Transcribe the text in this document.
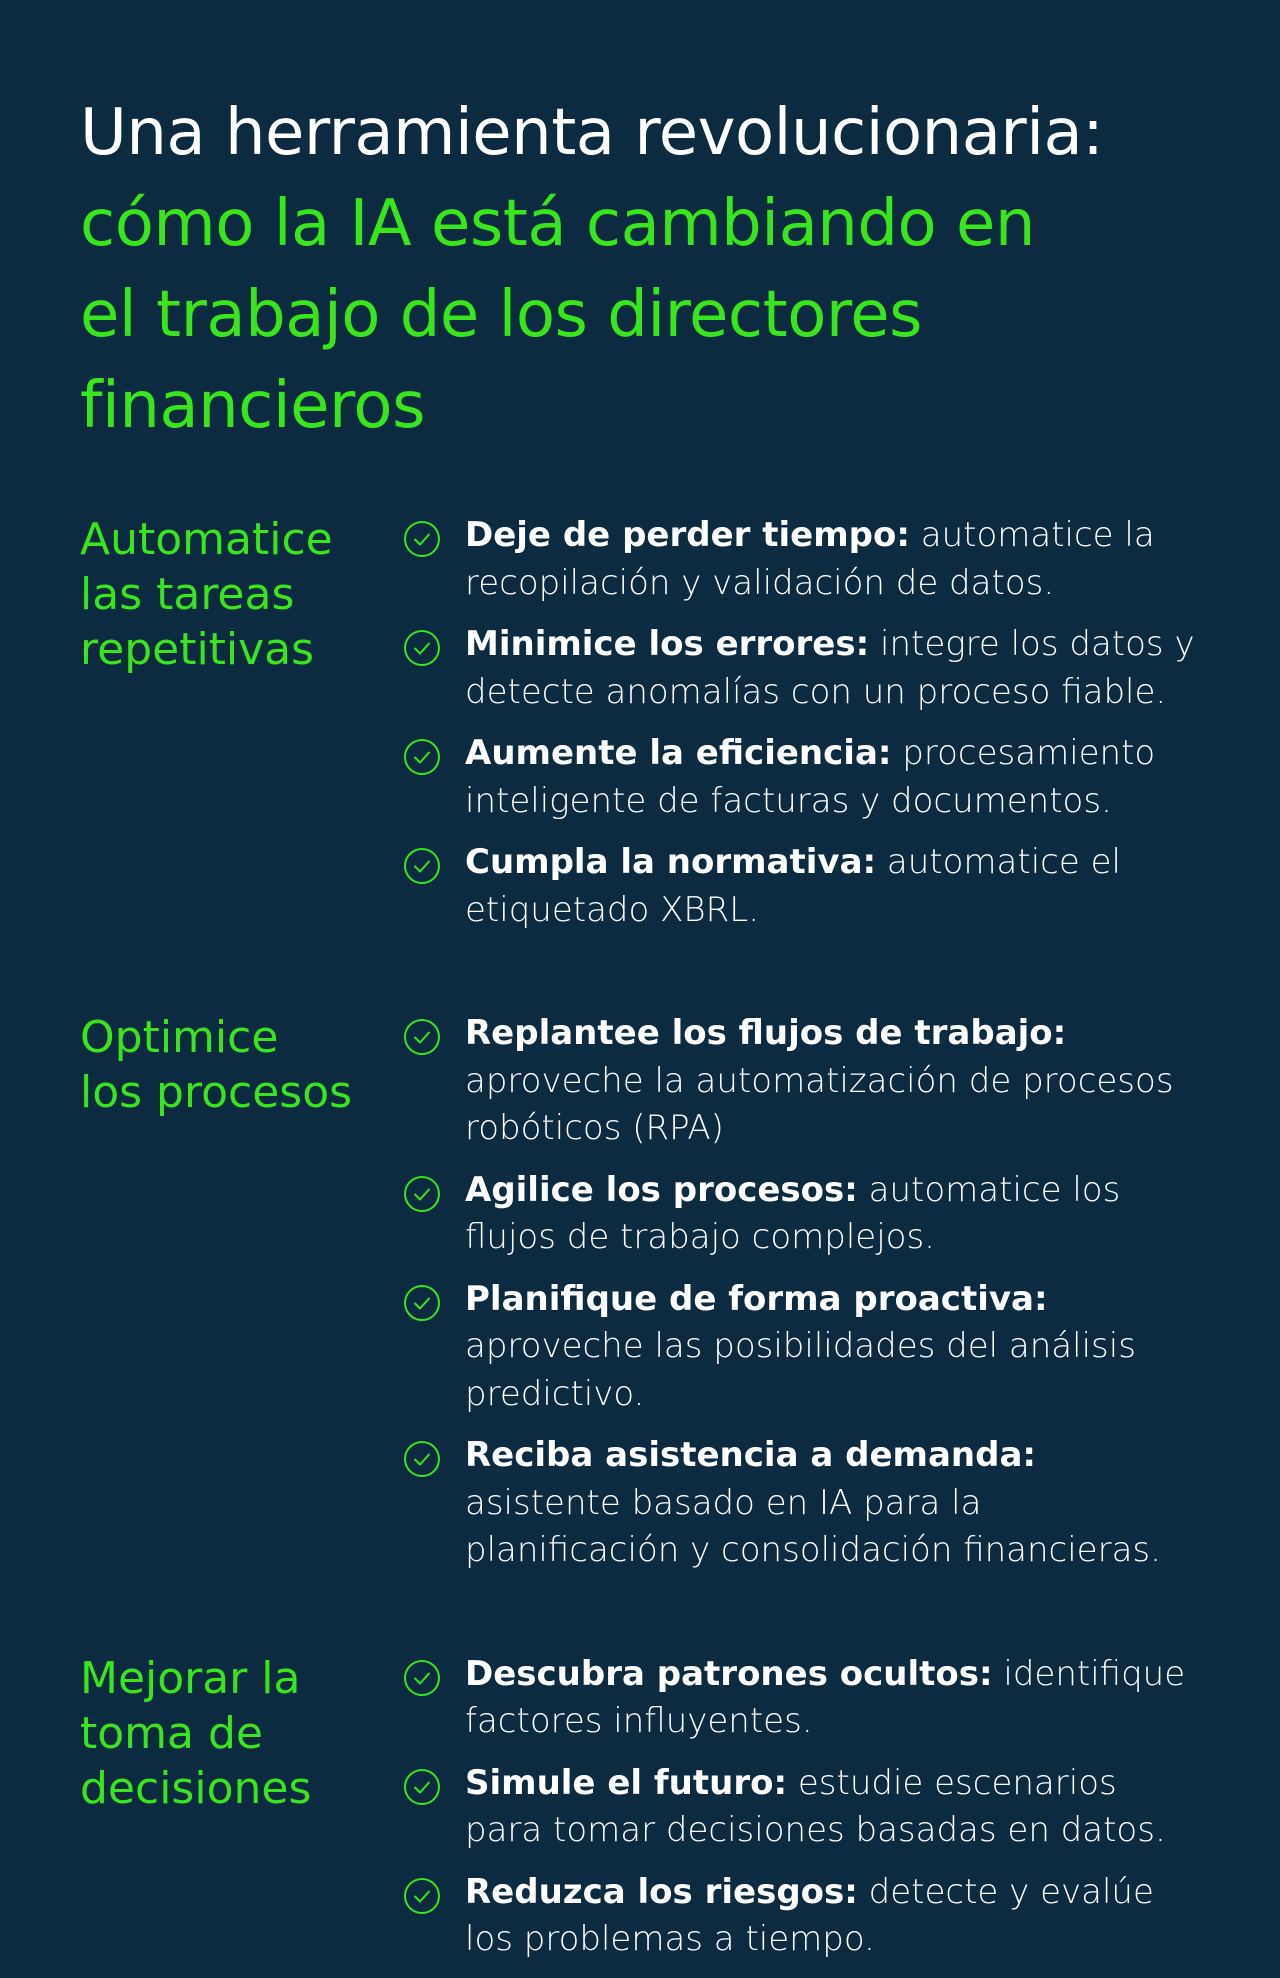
Una herramienta revolucionaria:
cómo la IA está cambiando en el trabajo de los directores financieros
Automatice
las tareas
repetitivas
Deje de perder tiempo: automatice la recopilación y validación de datos.
Minimice los errores: integre los datos y detecte anomalías con un proceso fiable.
Aumente la eficiencia: procesamiento inteligente de facturas y documentos.
Cumpla la normativa: automatice el etiquetado XBRL.
Optimice
los procesos
Replantee los flujos de trabajo: aproveche la automatización de procesos robóticos (RPA)
Agilice los procesos: automatice los flujos de trabajo complejos.
Planifique de forma proactiva: aproveche las posibilidades del análisis predictivo.
Reciba asistencia a demanda: asistente basado en IA para la planificación y consolidación financieras.
Mejorar la
toma de
decisiones
Descubra patrones ocultos: identifique factores influyentes.
Simule el futuro: estudie escenarios para tomar decisiones basadas en datos.
Reduzca los riesgos: detecte y evalúe los problemas a tiempo.
